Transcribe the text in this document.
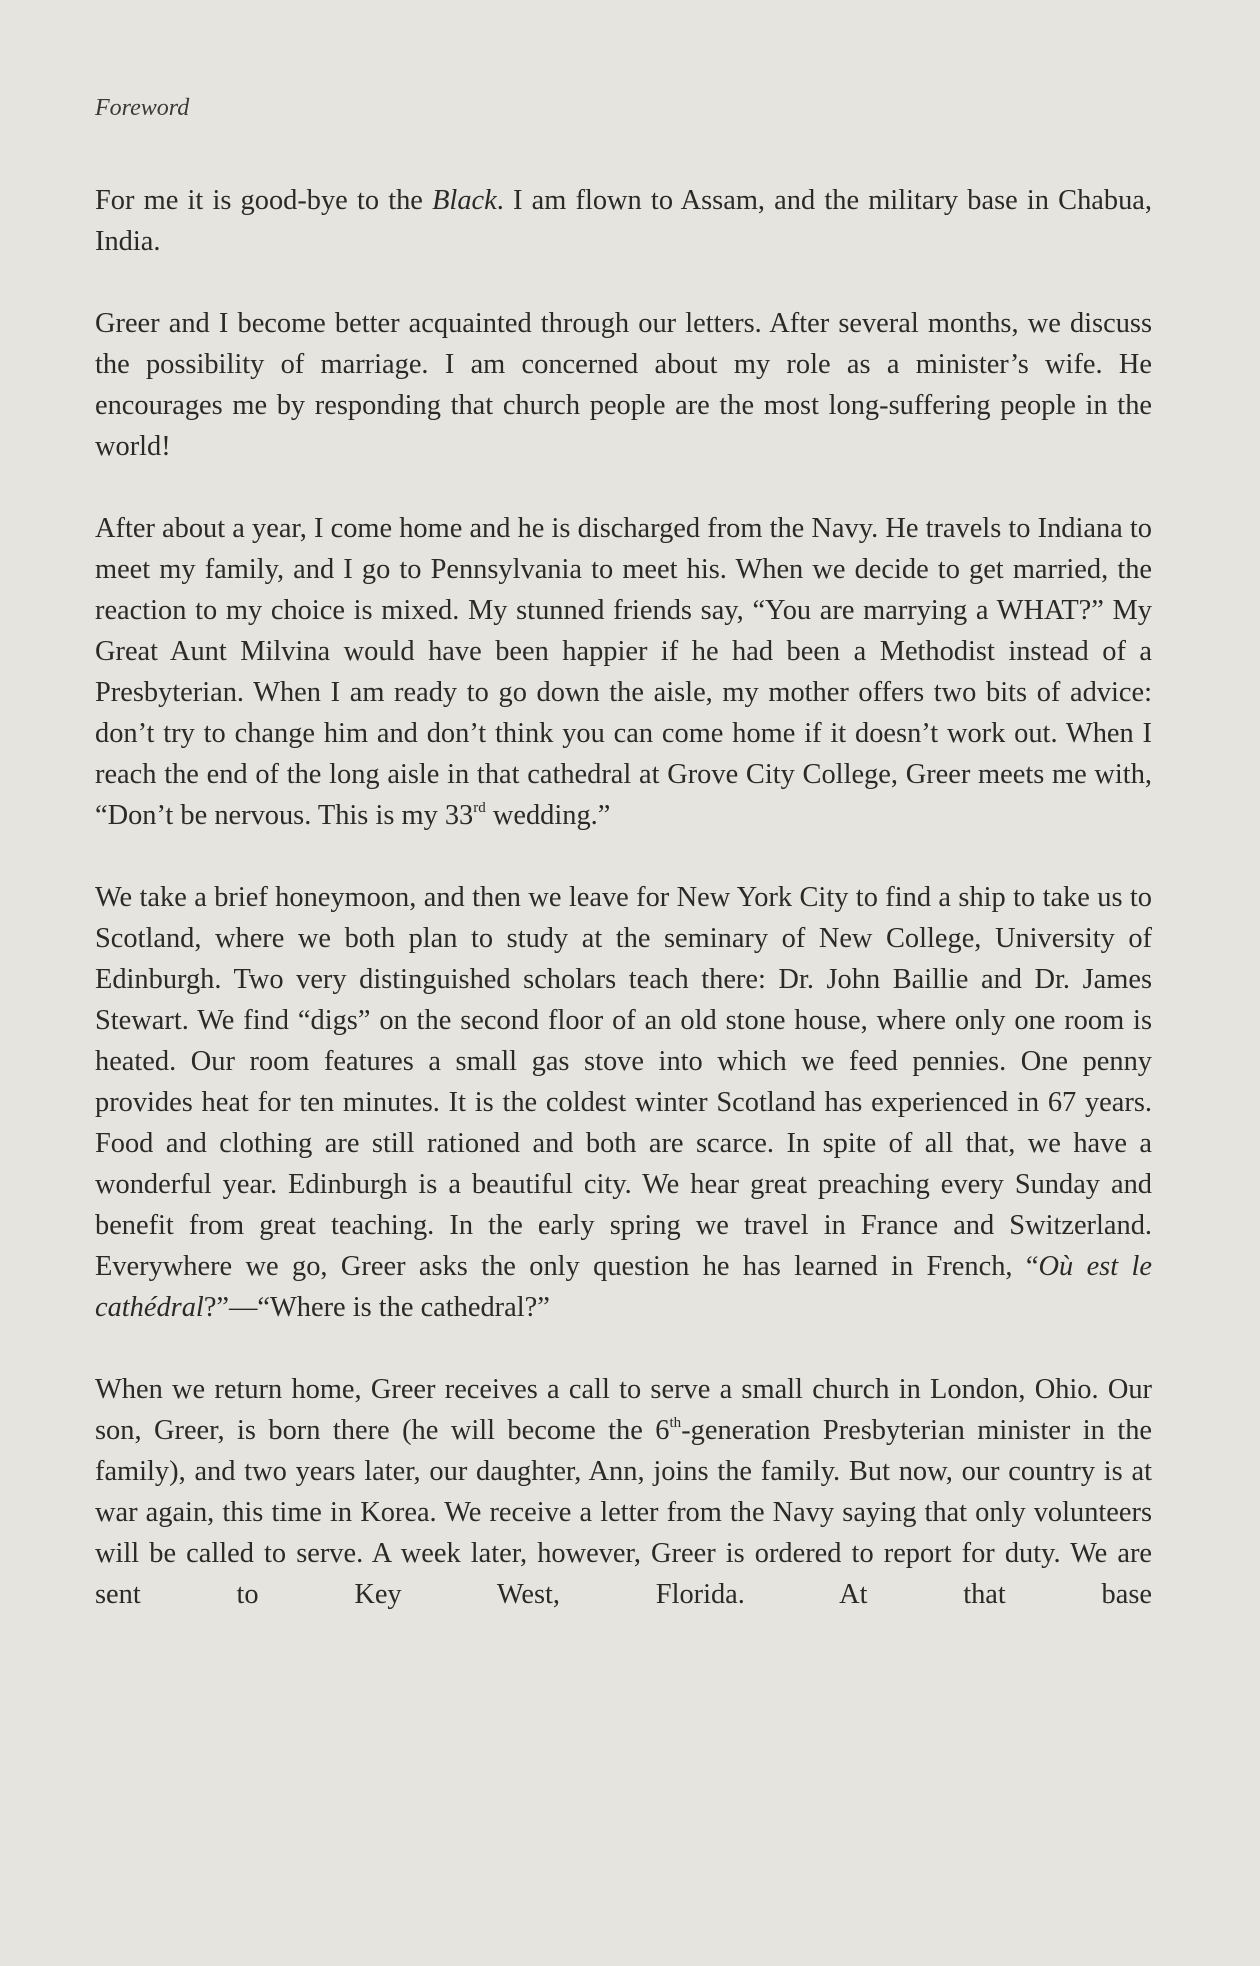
Foreword

For me it is good-bye to the Black. I am flown to Assam, and the military base in Chabua, India.

Greer and I become better acquainted through our letters. After several months, we discuss the possibility of marriage. I am concerned about my role as a minister’s wife. He encourages me by responding that church people are the most long-suffering people in the world!

After about a year, I come home and he is discharged from the Navy. He travels to Indiana to meet my family, and I go to Pennsylvania to meet his. When we decide to get married, the reaction to my choice is mixed. My stunned friends say, “You are marrying a WHAT?” My Great Aunt Milvina would have been happier if he had been a Methodist instead of a Presbyterian. When I am ready to go down the aisle, my mother offers two bits of advice: don’t try to change him and don’t think you can come home if it doesn’t work out. When I reach the end of the long aisle in that cathedral at Grove City College, Greer meets me with, “Don’t be nervous. This is my 33rd wedding.”

We take a brief honeymoon, and then we leave for New York City to find a ship to take us to Scotland, where we both plan to study at the seminary of New College, University of Edinburgh. Two very distinguished scholars teach there: Dr. John Baillie and Dr. James Stewart. We find “digs” on the second floor of an old stone house, where only one room is heated. Our room features a small gas stove into which we feed pennies. One penny provides heat for ten minutes. It is the coldest winter Scotland has experienced in 67 years. Food and clothing are still rationed and both are scarce. In spite of all that, we have a wonderful year. Edinburgh is a beautiful city. We hear great preaching every Sunday and benefit from great teaching. In the early spring we travel in France and Switzerland. Everywhere we go, Greer asks the only question he has learned in French, “Où est le cathédral?”—“Where is the cathedral?”

When we return home, Greer receives a call to serve a small church in London, Ohio. Our son, Greer, is born there (he will become the 6th-generation Presbyterian minister in the family), and two years later, our daughter, Ann, joins the family. But now, our country is at war again, this time in Korea. We receive a letter from the Navy saying that only volunteers will be called to serve. A week later, however, Greer is ordered to report for duty. We are sent to Key West, Florida. At that base
